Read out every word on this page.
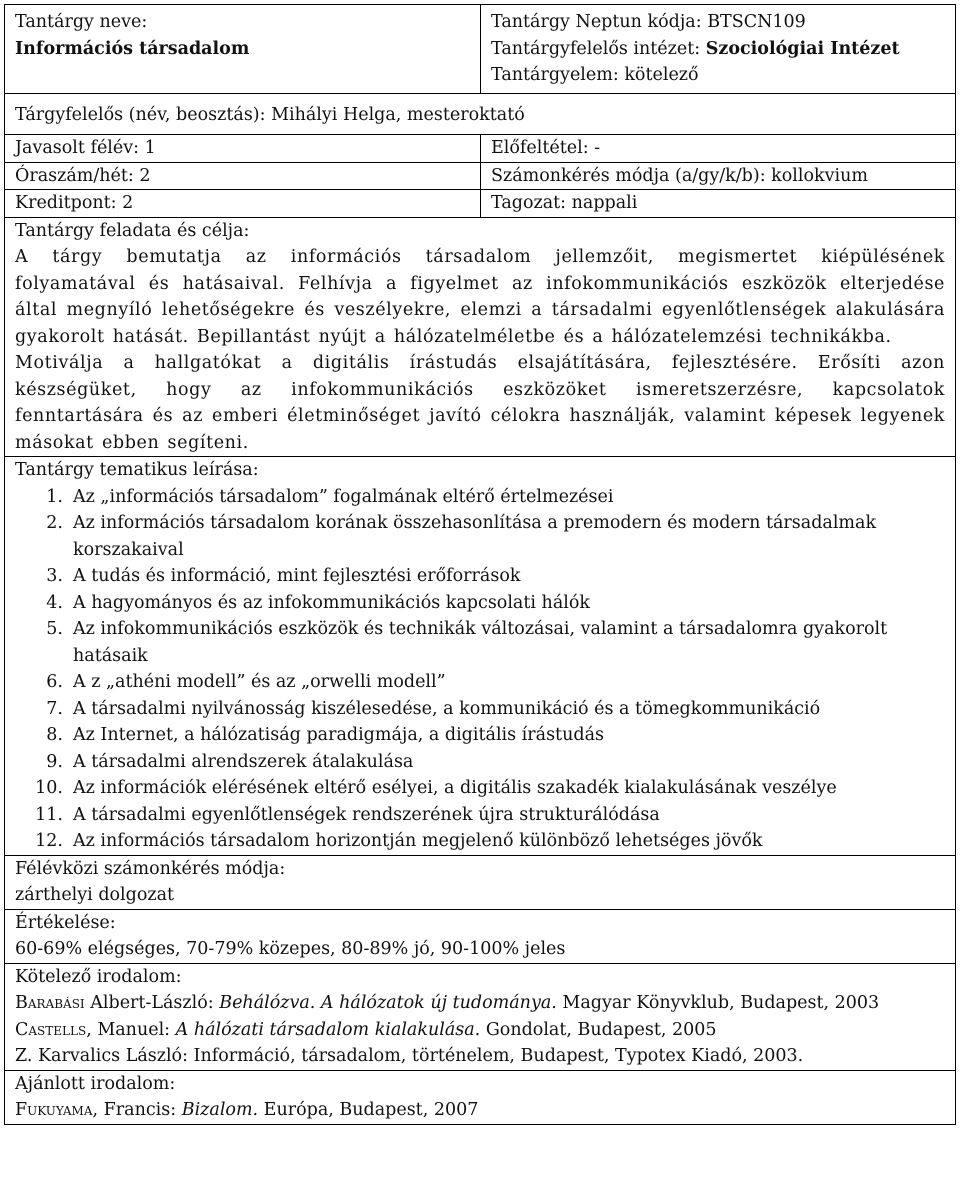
Tantárgy neve:
Információs társadalom
Tantárgy Neptun kódja: BTSCN109
Tantárgyfelelős intézet: Szociológiai Intézet
Tantárgyelem: kötelező
Tárgyfelelős (név, beosztás): Mihályi Helga, mesteroktató
Javasolt félév: 1	Előfeltétel: -
Óraszám/hét: 2	Számonkérés módja (a/gy/k/b): kollokvium
Kreditpont: 2	Tagozat: nappali
Tantárgy feladata és célja:
A tárgy bemutatja az információs társadalom jellemzőit, megismertet kiépülésének folyamatával és hatásaival. Felhívja a figyelmet az infokommunikációs eszközök elterjedése által megnyíló lehetőségekre és veszélyekre, elemzi a társadalmi egyenlőtlenségek alakulására gyakorolt hatását. Bepillantást nyújt a hálózatelméletbe és a hálózatelemzési technikákba.
Motiválja a hallgatókat a digitális írástudás elsajátítására, fejlesztésére. Erősíti azon készségüket, hogy az infokommunikációs eszközöket ismeretszerzésre, kapcsolatok fenntartására és az emberi életminőséget javító célokra használják, valamint képesek legyenek másokat ebben segíteni.
Tantárgy tematikus leírása:
1. Az „információs társadalom” fogalmának eltérő értelmezései
2. Az információs társadalom korának összehasonlítása a premodern és modern társadalmak korszakaival
3. A tudás és információ, mint fejlesztési erőforrások
4. A hagyományos és az infokommunikációs kapcsolati hálók
5. Az infokommunikációs eszközök és technikák változásai, valamint a társadalomra gyakorolt hatásaik
6. A z „athéni modell” és az „orwelli modell”
7. A társadalmi nyilvánosság kiszélesedése, a kommunikáció és a tömegkommunikáció
8. Az Internet, a hálózatiság paradigmája, a digitális írástudás
9. A társadalmi alrendszerek átalakulása
10. Az információk elérésének eltérő esélyei, a digitális szakadék kialakulásának veszélye
11. A társadalmi egyenlőtlenségek rendszerének újra strukturálódása
12. Az információs társadalom horizontján megjelenő különböző lehetséges jövők
Félévközi számonkérés módja:
zárthelyi dolgozat
Értékelése:
60-69% elégséges, 70-79% közepes, 80-89% jó, 90-100% jeles
Kötelező irodalom:
Barabási Albert-László: Behálózva. A hálózatok új tudománya. Magyar Könyvklub, Budapest, 2003
Castells, Manuel: A hálózati társadalom kialakulása. Gondolat, Budapest, 2005
Z. Karvalics László: Információ, társadalom, történelem, Budapest, Typotex Kiadó, 2003.
Ajánlott irodalom:
Fukuyama, Francis: Bizalom. Európa, Budapest, 2007
